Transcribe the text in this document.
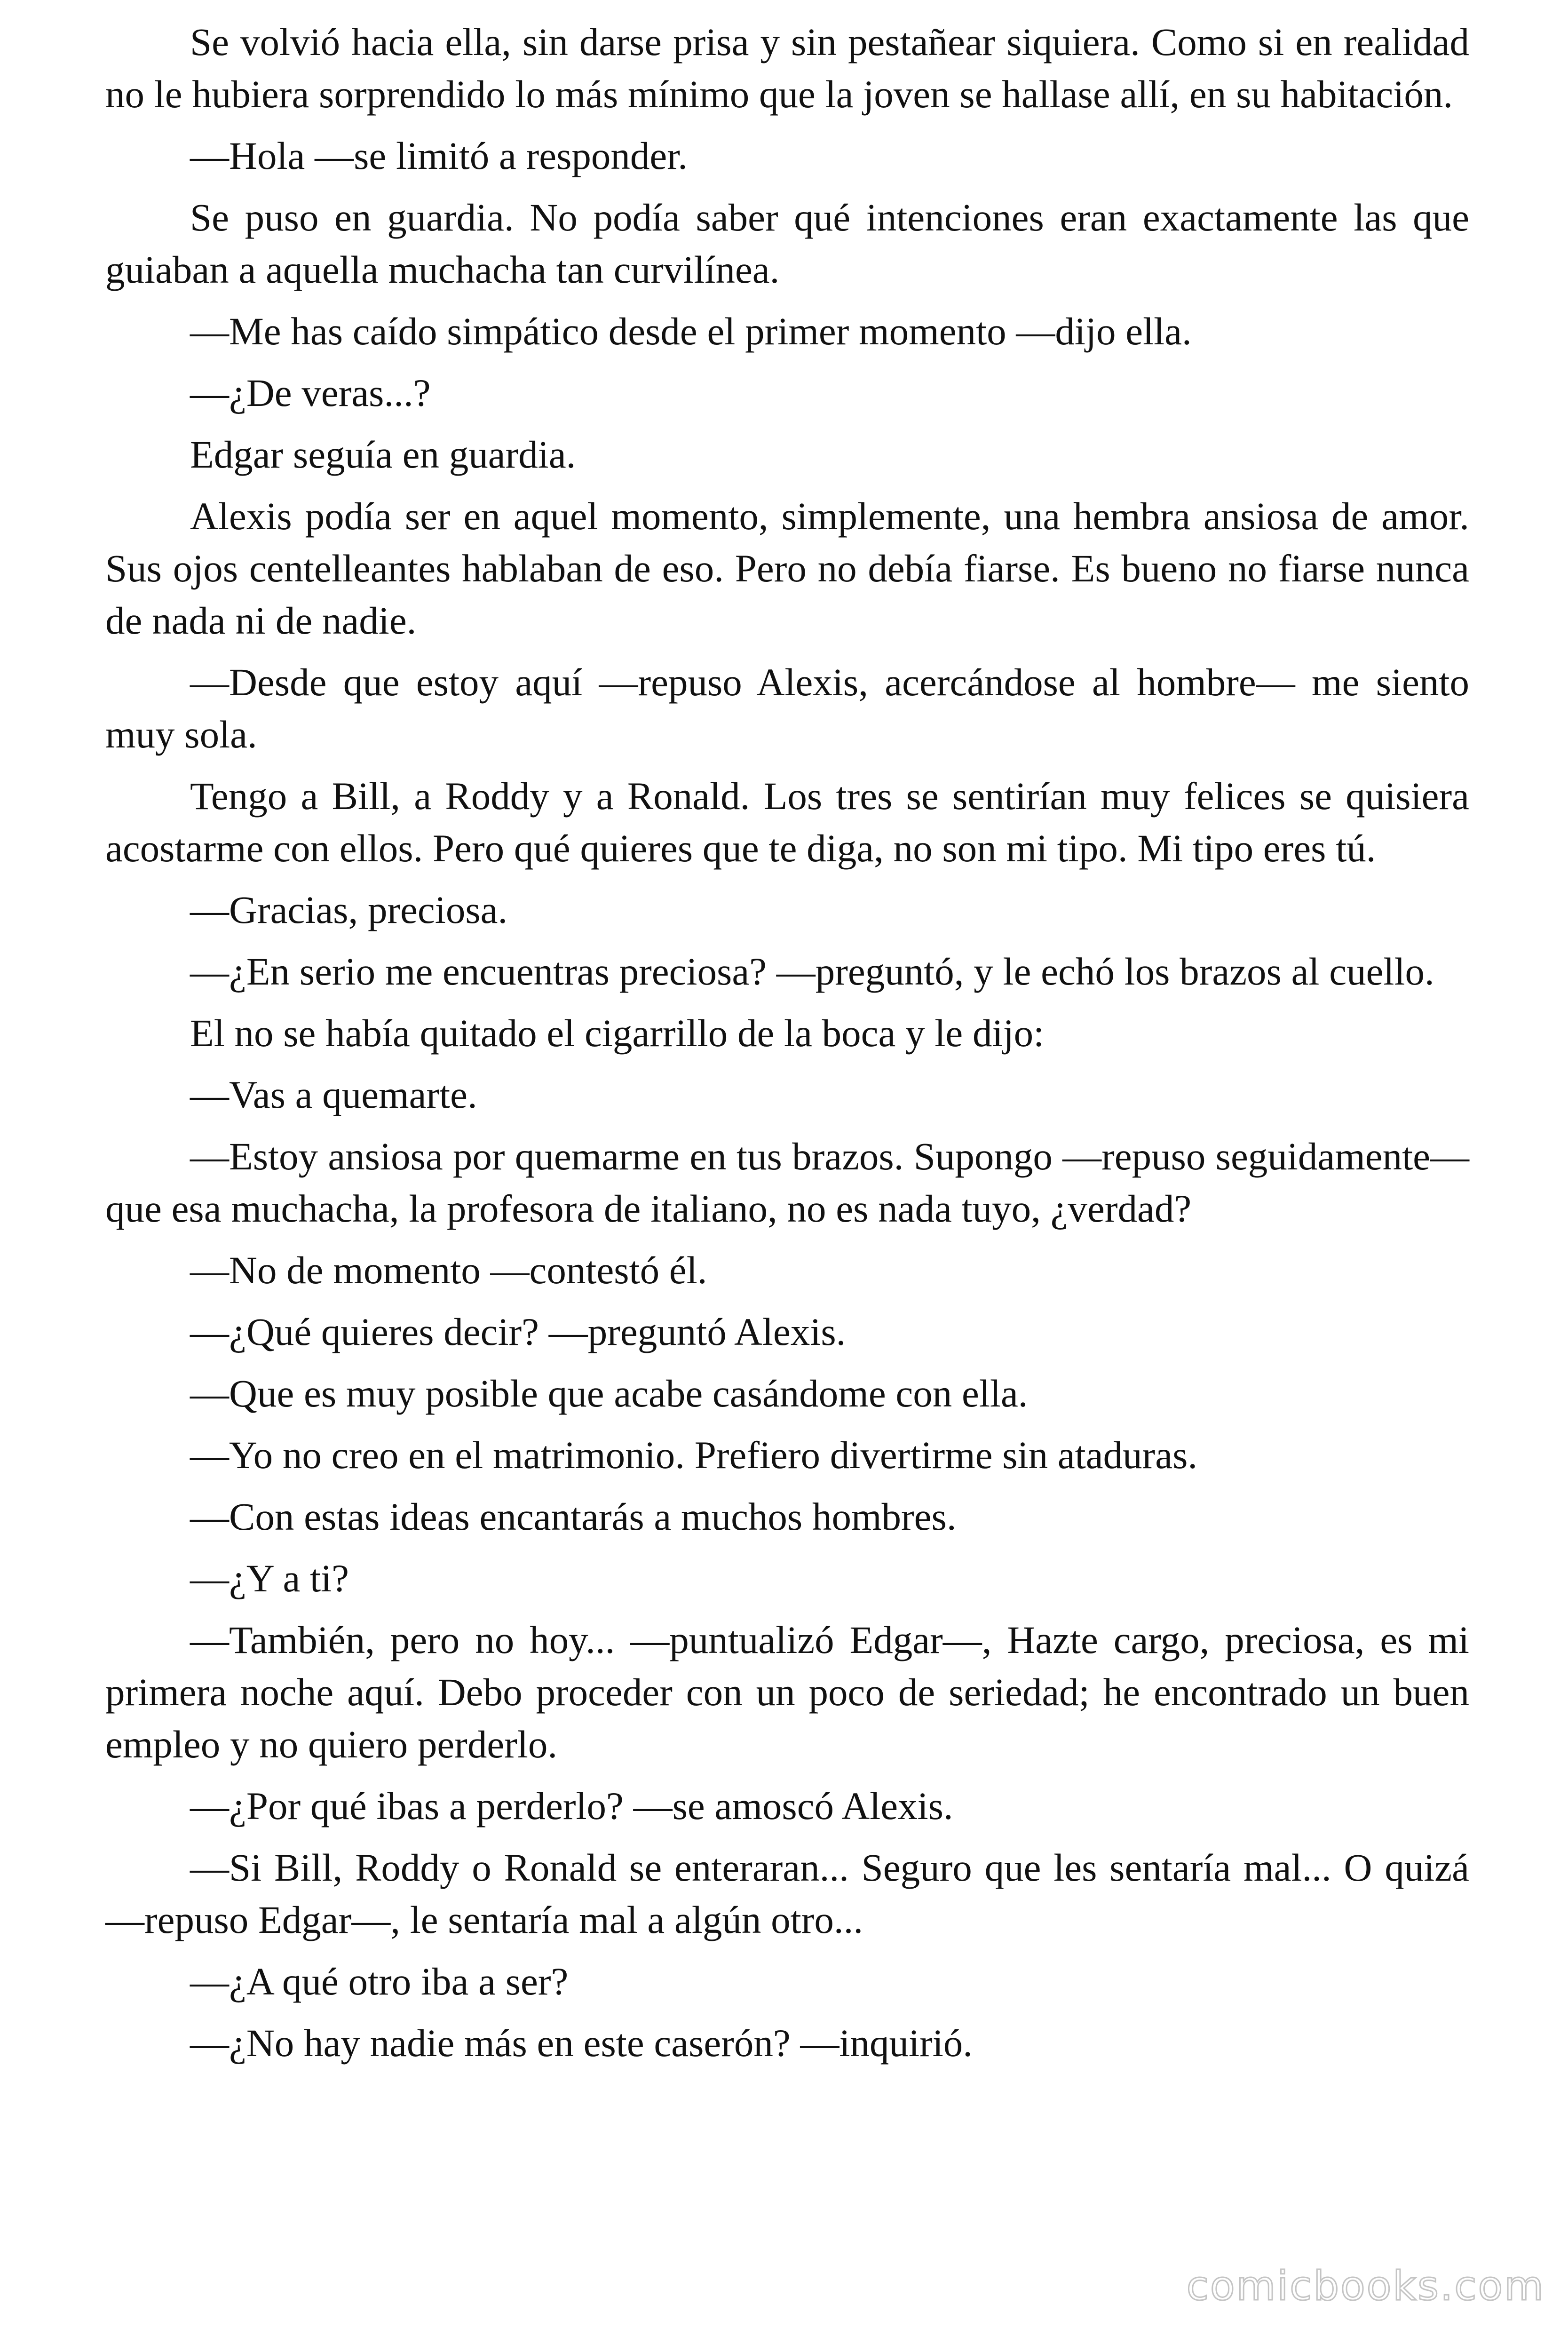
Se volvió hacia ella, sin darse prisa y sin pestañear siquiera. Como si en realidad no le hubiera sorprendido lo más mínimo que la joven se hallase allí, en su habitación.

—Hola —se limitó a responder.

Se puso en guardia. No podía saber qué intenciones eran exactamente las que guiaban a aquella muchacha tan curvilínea.

—Me has caído simpático desde el primer momento —dijo ella.

—¿De veras...?

Edgar seguía en guardia.

Alexis podía ser en aquel momento, simplemente, una hembra ansiosa de amor. Sus ojos centelleantes hablaban de eso. Pero no debía fiarse. Es bueno no fiarse nunca de nada ni de nadie.

—Desde que estoy aquí —repuso Alexis, acercándose al hombre— me siento muy sola.

Tengo a Bill, a Roddy y a Ronald. Los tres se sentirían muy felices se quisiera acostarme con ellos. Pero qué quieres que te diga, no son mi tipo. Mi tipo eres tú.

—Gracias, preciosa.

—¿En serio me encuentras preciosa? —preguntó, y le echó los brazos al cuello.

El no se había quitado el cigarrillo de la boca y le dijo:

—Vas a quemarte.

—Estoy ansiosa por quemarme en tus brazos. Supongo —repuso seguidamente— que esa muchacha, la profesora de italiano, no es nada tuyo, ¿verdad?

—No de momento —contestó él.

—¿Qué quieres decir? —preguntó Alexis.

—Que es muy posible que acabe casándome con ella.

—Yo no creo en el matrimonio. Prefiero divertirme sin ataduras.

—Con estas ideas encantarás a muchos hombres.

—¿Y a ti?

—También, pero no hoy... —puntualizó Edgar—, Hazte cargo, preciosa, es mi primera noche aquí. Debo proceder con un poco de seriedad; he encontrado un buen empleo y no quiero perderlo.

—¿Por qué ibas a perderlo? —se amoscó Alexis.

—Si Bill, Roddy o Ronald se enteraran... Seguro que les sentaría mal... O quizá —repuso Edgar—, le sentaría mal a algún otro...

—¿A qué otro iba a ser?

—¿No hay nadie más en este caserón? —inquirió.

comicbooks.com
